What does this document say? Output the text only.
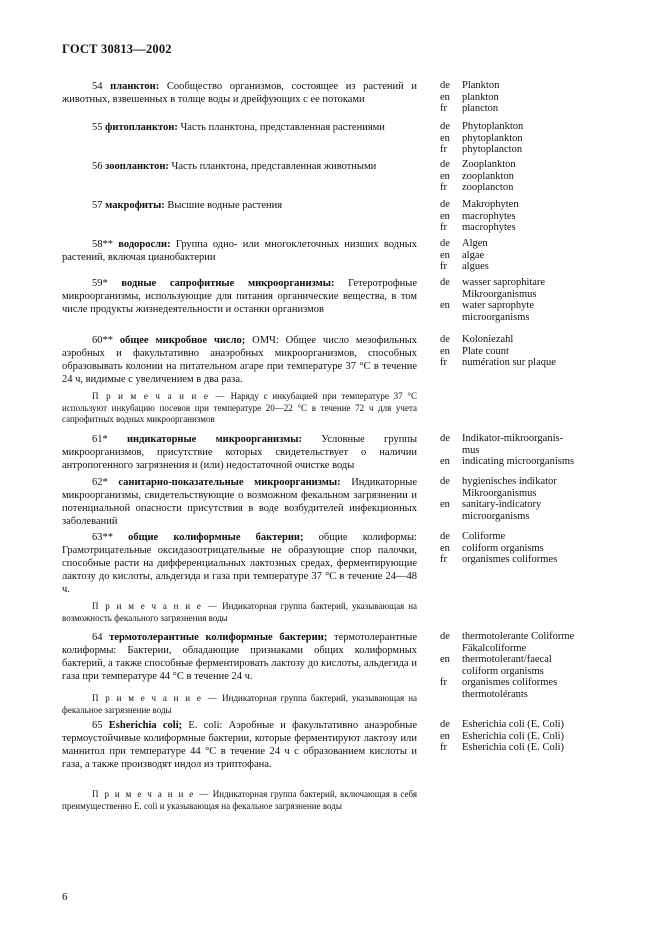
ГОСТ 30813—2002

54 планктон: Сообщество организмов, состоящее из растений и животных, взвешенных в толще воды и дрейфующих с ее потоками

de	Plankton
en	plankton
fr	plancton

55 фитопланктон: Часть планктона, представленная растениями	de	Phytoplankton
en	phytoplankton
fr	phytoplancton

56 зоопланктон: Часть планктона, представленная животными	de	Zooplankton
en	zooplankton
fr	zooplancton

57 макрофиты: Высшие водные растения	de	Makrophyten
en	macrophytes
fr	macrophytes

58** водоросли: Группа одно- или многоклеточных низших водных растений, включая цианобактерии

de	Algen
en	algae
fr	algues

59* водные сапрофитные микроорганизмы: Гетеротрофные микроорганизмы, использующие для питания органические вещества, в том числе продукты жизнедеятельности и останки организмов

de	wasser saprophitare
Mikroorganismus
en	water saprophyte
microorganisms

60** общее микробное число; ОМЧ: Общее число мезофильных аэробных и факультативно анаэробных микроорганизмов, способных образовывать колонии на питательном агаре при температуре 37 °С в течение 24 ч, видимые с увеличением в два раза.

de	Koloniezahl
en	Plate count
fr	numération sur plaque

П р и м е ч а н и е — Наряду с инкубацией при температуре 37 °С используют инкубацию посевов при температуре 20—22 °С в течение 72 ч для учета сапрофитных водных микроорганизмов

61* индикаторные микроорганизмы: Условные группы микроорганизмов, присутствие которых свидетельствует о наличии антропогенного загрязнения и (или) недостаточной очистке воды

de	Indikator-mikroorganis-
mus
en	indicating microorganisms

62* санитарно-показательные микроорганизмы: Индикаторные микроорганизмы, свидетельствующие о возможном фекальном загрязнении и потенциальной опасности присутствия в воде возбудителей инфекционных заболеваний

de	hygienisches indikator
Mikroorganismus
en	sanitary-indicatory
microorganisms

63** общие колиформные бактерии; общие колиформы: Грамотрицательные оксидазоотрицательные не образующие спор палочки, способные расти на дифференциальных лактозных средах, ферментирующие лактозу до кислоты, альдегида и газа при температуре 37 °С в течение 24—48 ч.

de	Coliforme
en	coliform organisms
fr	organismes coliformes

П р и м е ч а н и е — Индикаторная группа бактерий, указывающая на возможность фекального загрязнения воды

64 термотолерантные колиформные бактерии; термотолерантные колиформы: Бактерии, обладающие признаками общих колиформных бактерий, а также способные ферментировать лактозу до кислоты, альдегида и газа при температуре 44 °С в течение 24 ч.

de	thermotolerante Coliforme
Fäkalcoliforme
en	thermotolerant/faecal
coliform organisms
fr	organismes coliformes
thermotolérants

П р и м е ч а н и е — Индикаторная группа бактерий, указывающая на фекальное загрязнение воды

65 Esherichia coli; E. coli: Аэробные и факультативно анаэробные термоустойчивые колиформные бактерии, которые ферментируют лактозу или маннитол при температуре 44 °С в течение 24 ч с образованием кислоты и газа, а также производят индол из триптофана.

de	Esherichia coli (E. Coli)
en	Esherichia coli (E. Coli)
fr	Esherichia coli (E. Coli)

П р и м е ч а н и е — Индикаторная группа бактерий, включающая в себя преимущественно E. coli и указывающая на фекальное загрязнение воды

6
